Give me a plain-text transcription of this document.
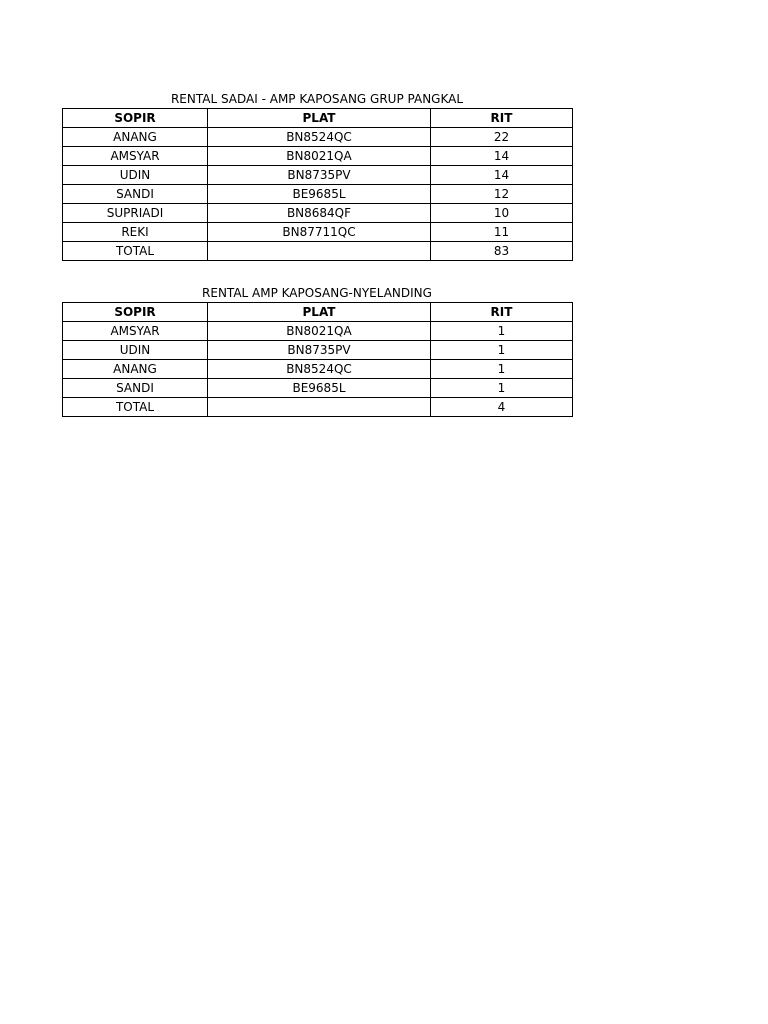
RENTAL SADAI - AMP KAPOSANG GRUP PANGKAL
SOPIR	PLAT	RIT
ANANG	BN8524QC	22
AMSYAR	BN8021QA	14
UDIN	BN8735PV	14
SANDI	BE9685L	12
SUPRIADI	BN8684QF	10
REKI	BN87711QC	11
TOTAL		83
RENTAL AMP KAPOSANG-NYELANDING
SOPIR	PLAT	RIT
AMSYAR	BN8021QA	1
UDIN	BN8735PV	1
ANANG	BN8524QC	1
SANDI	BE9685L	1
TOTAL		4
